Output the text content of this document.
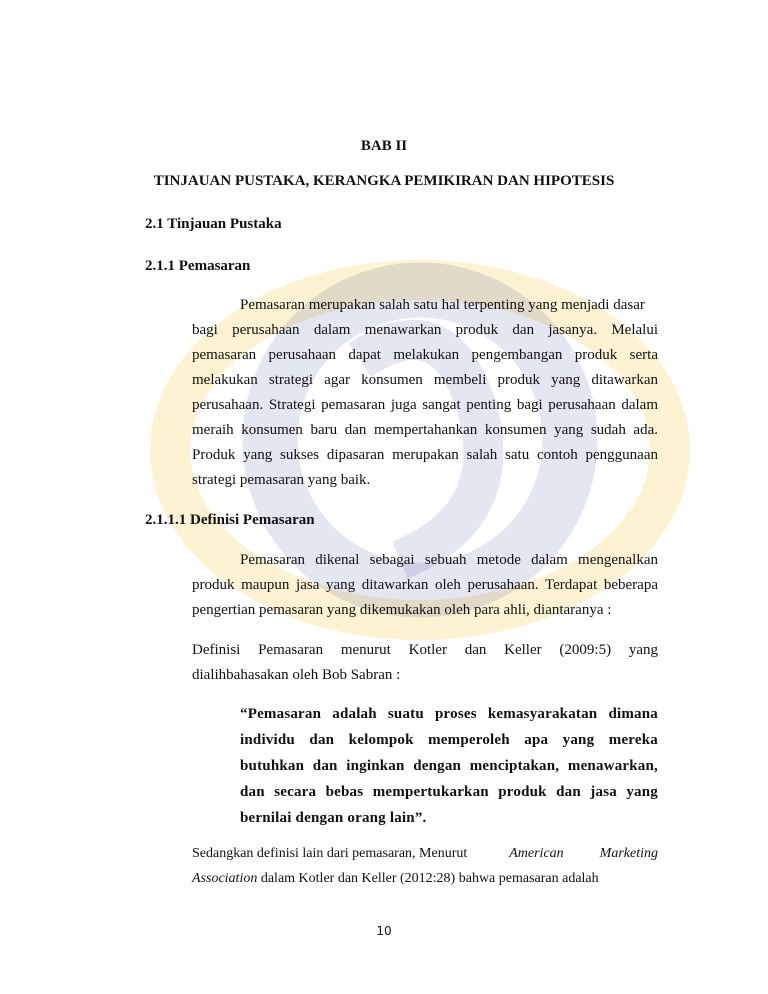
BAB II
TINJAUAN PUSTAKA, KERANGKA PEMIKIRAN DAN HIPOTESIS
2.1 Tinjauan Pustaka
2.1.1 Pemasaran
Pemasaran merupakan salah satu hal terpenting yang menjadi dasar
bagi perusahaan dalam menawarkan produk dan jasanya. Melalui
pemasaran perusahaan dapat melakukan pengembangan produk serta
melakukan strategi agar konsumen membeli produk yang ditawarkan
perusahaan. Strategi pemasaran juga sangat penting bagi perusahaan dalam
meraih konsumen baru dan mempertahankan konsumen yang sudah ada.
Produk yang sukses dipasaran merupakan salah satu contoh penggunaan
strategi pemasaran yang baik.
2.1.1.1 Definisi Pemasaran
Pemasaran dikenal sebagai sebuah metode dalam mengenalkan
produk maupun jasa yang ditawarkan oleh perusahaan. Terdapat beberapa
pengertian pemasaran yang dikemukakan oleh para ahli, diantaranya :
Definisi Pemasaran menurut Kotler dan Keller (2009:5) yang
dialihbahasakan oleh Bob Sabran :
“Pemasaran adalah suatu proses kemasyarakatan dimana
individu dan kelompok memperoleh apa yang mereka
butuhkan dan inginkan dengan menciptakan, menawarkan,
dan secara bebas mempertukarkan produk dan jasa yang
bernilai dengan orang lain”.
Sedangkan definisi lain dari pemasaran, Menurut	American	Marketing
Association dalam Kotler dan Keller (2012:28) bahwa pemasaran adalah
10
